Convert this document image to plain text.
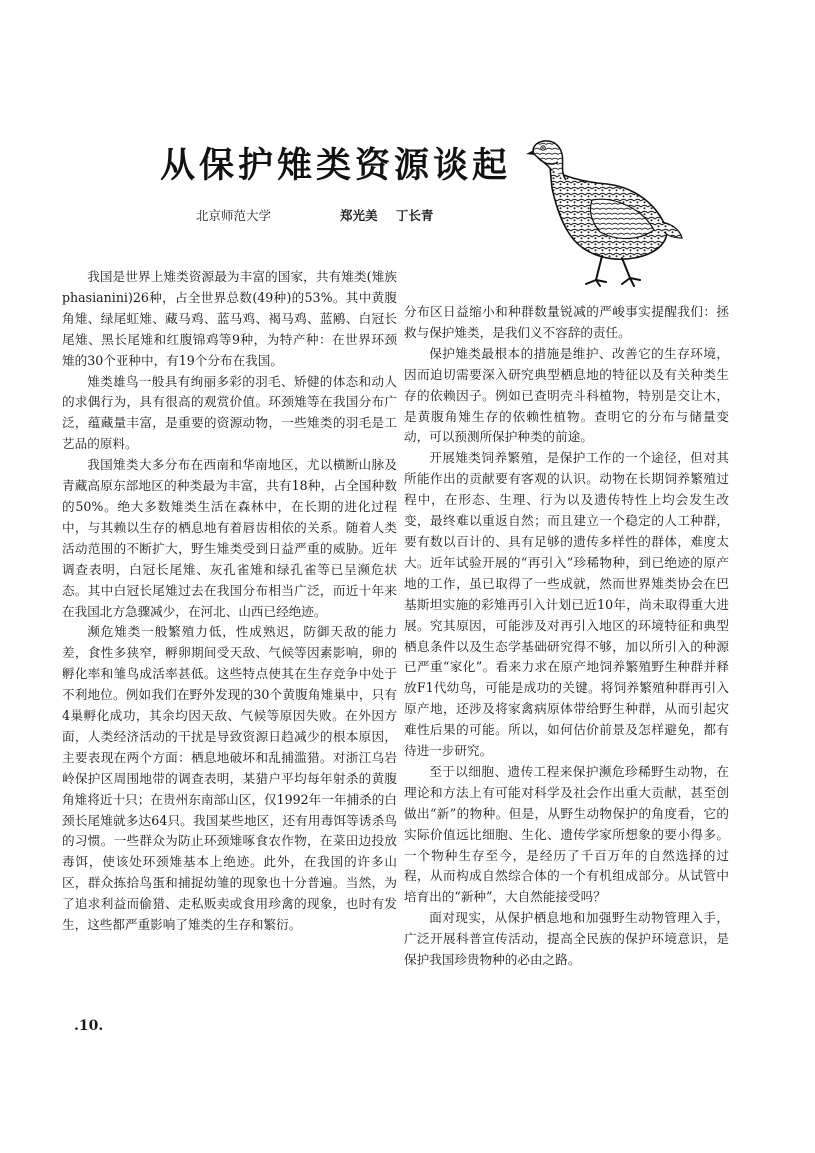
从保护雉类资源谈起
北京师范大学	郑光美 丁长青

我国是世界上雉类资源最为丰富的国家，共有雉类(雉族 phasianini)26种，占全世界总数(49种)的53%。其中黄腹角雉、绿尾虹雉、藏马鸡、蓝马鸡、褐马鸡、蓝鹇、白冠长尾雉、黑长尾雉和红腹锦鸡等9种，为特产种：在世界环颈雉的30个亚种中，有19个分布在我国。

雉类雄鸟一般具有绚丽多彩的羽毛、矫健的体态和动人的求偶行为，具有很高的观赏价值。环颈雉等在我国分布广泛，蕴藏量丰富，是重要的资源动物，一些雉类的羽毛是工艺品的原料。

我国雉类大多分布在西南和华南地区，尤以横断山脉及青藏高原东部地区的种类最为丰富，共有18种，占全国种数的50%。绝大多数雉类生活在森林中，在长期的进化过程中，与其赖以生存的栖息地有着唇齿相依的关系。随着人类活动范围的不断扩大，野生雉类受到日益严重的威胁。近年调查表明，白冠长尾雉、灰孔雀雉和绿孔雀等已呈濒危状态。其中白冠长尾雉过去在我国分布相当广泛，而近十年来在我国北方急骤减少，在河北、山西已经绝迹。

濒危雉类一般繁殖力低，性成熟迟，防御天敌的能力差，食性多狭窄，孵卵期间受天敌、气候等因素影响，卵的孵化率和雏鸟成活率甚低。这些特点使其在生存竞争中处于不利地位。例如我们在野外发现的30个黄腹角雉巢中，只有4巢孵化成功，其余均因天敌、气候等原因失败。在外因方面，人类经济活动的干扰是导致资源日趋减少的根本原因，主要表现在两个方面：栖息地破坏和乱捕滥猎。对浙江乌岩岭保护区周围地带的调查表明，某猎户平均每年射杀的黄腹角雉将近十只；在贵州东南部山区，仅1992年一年捕杀的白颈长尾雉就多达64只。我国某些地区，还有用毒饵等诱杀鸟的习惯。一些群众为防止环颈雉啄食农作物，在菜田边投放毒饵，使该处环颈雉基本上绝迹。此外，在我国的许多山区，群众拣拾鸟蛋和捕捉幼雏的现象也十分普遍。当然，为了追求利益而偷猎、走私贩卖或食用珍禽的现象，也时有发生，这些都严重影响了雉类的生存和繁衍。

分布区日益缩小和种群数量锐减的严峻事实提醒我们：拯救与保护雉类，是我们义不容辞的责任。

保护雉类最根本的措施是维护、改善它的生存环境，因而迫切需要深入研究典型栖息地的特征以及有关种类生存的依赖因子。例如已查明壳斗科植物，特别是交让木，是黄腹角雉生存的依赖性植物。查明它的分布与储量变动，可以预测所保护种类的前途。

开展雉类饲养繁殖，是保护工作的一个途径，但对其所能作出的贡献要有客观的认识。动物在长期饲养繁殖过程中，在形态、生理、行为以及遗传特性上均会发生改变，最终难以重返自然；而且建立一个稳定的人工种群，要有数以百计的、具有足够的遗传多样性的群体，难度太大。近年试验开展的“再引入”珍稀物种，到已绝迹的原产地的工作，虽已取得了一些成就，然而世界雉类协会在巴基斯坦实施的彩雉再引入计划已近10年，尚未取得重大进展。究其原因，可能涉及对再引入地区的环境特征和典型栖息条件以及生态学基础研究得不够，加以所引入的种源已严重“家化”。看来力求在原产地饲养繁殖野生种群并释放F1代幼鸟，可能是成功的关键。将饲养繁殖种群再引入原产地，还涉及将家禽病原体带给野生种群，从而引起灾难性后果的可能。所以，如何估价前景及怎样避免，都有待进一步研究。

至于以细胞、遗传工程来保护濒危珍稀野生动物，在理论和方法上有可能对科学及社会作出重大贡献，甚至创做出“新”的物种。但是，从野生动物保护的角度看，它的实际价值远比细胞、生化、遗传学家所想象的要小得多。一个物种生存至今，是经历了千百万年的自然选择的过程，从而构成自然综合体的一个有机组成部分。从试管中培育出的“新种”，大自然能接受吗？

面对现实，从保护栖息地和加强野生动物管理入手，广泛开展科普宣传活动，提高全民族的保护环境意识，是保护我国珍贵物种的必由之路。

.10.
